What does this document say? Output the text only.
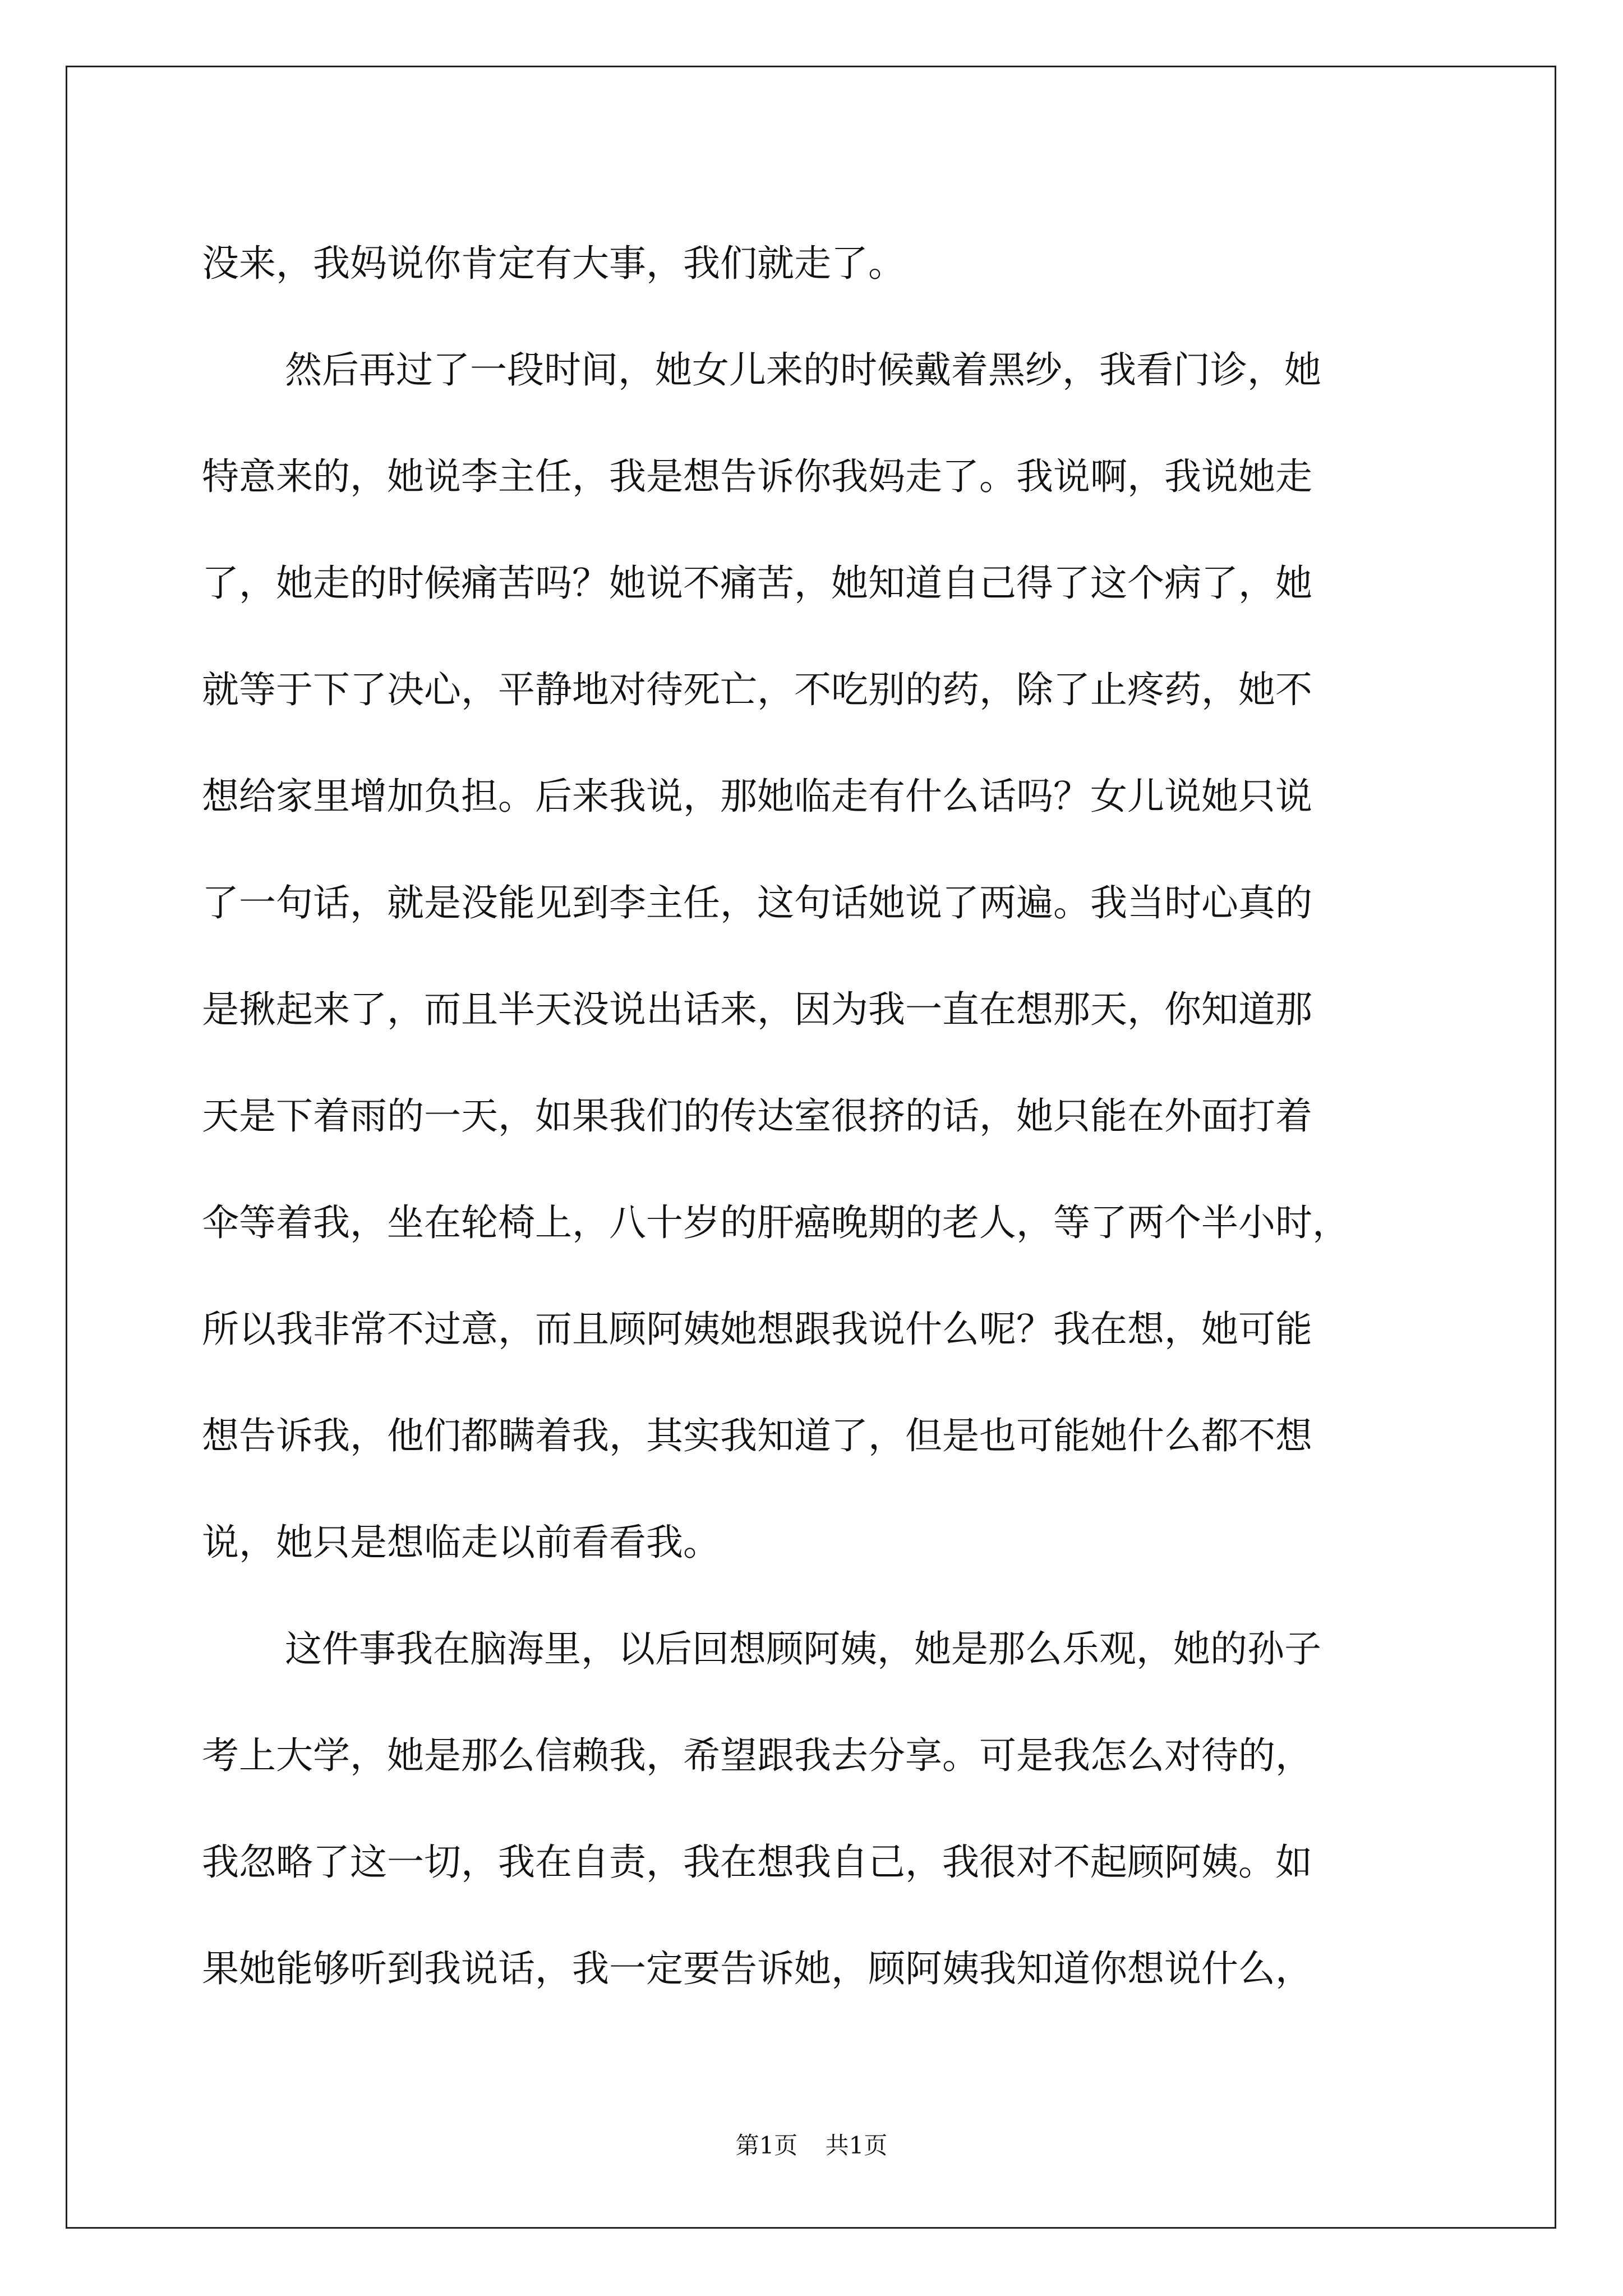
没来，我妈说你肯定有大事，我们就走了。
然后再过了一段时间，她女儿来的时候戴着黑纱，我看门诊，她
特意来的，她说李主任，我是想告诉你我妈走了。我说啊，我说她走
了，她走的时候痛苦吗？她说不痛苦，她知道自己得了这个病了，她
就等于下了决心，平静地对待死亡，不吃别的药，除了止疼药，她不
想给家里增加负担。后来我说，那她临走有什么话吗？女儿说她只说
了一句话，就是没能见到李主任，这句话她说了两遍。我当时心真的
是揪起来了，而且半天没说出话来，因为我一直在想那天，你知道那
天是下着雨的一天，如果我们的传达室很挤的话，她只能在外面打着
伞等着我，坐在轮椅上，八十岁的肝癌晚期的老人，等了两个半小时，
所以我非常不过意，而且顾阿姨她想跟我说什么呢？我在想，她可能
想告诉我，他们都瞒着我，其实我知道了，但是也可能她什么都不想
说，她只是想临走以前看看我。
这件事我在脑海里，以后回想顾阿姨，她是那么乐观，她的孙子
考上大学，她是那么信赖我，希望跟我去分享。可是我怎么对待的，
我忽略了这一切，我在自责，我在想我自己，我很对不起顾阿姨。如
果她能够听到我说话，我一定要告诉她，顾阿姨我知道你想说什么，
第1页 共1页
